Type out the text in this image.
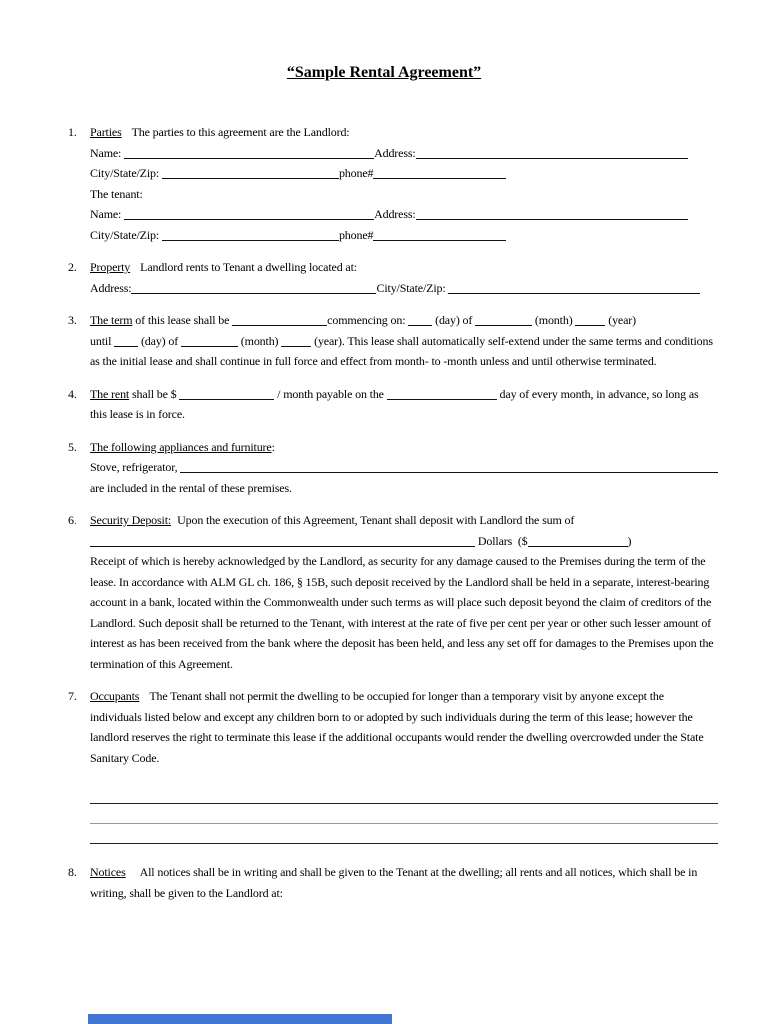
“Sample Rental Agreement”
1.	Parties The parties to this agreement are the Landlord:

Name:	Address:
City/State/Zip:	phone#

The tenant:

Name:	Address:
City/State/Zip:	phone#
2.	Property Landlord rents to Tenant a dwelling located at:

Address:	City/State/Zip:
3.	The term of this lease shall be	commencing on:  (day) of	(month)	(year)
until  (day) of	(month)	(year). This lease shall automatically self-extend under the same terms and conditions as the initial lease and shall continue in full force and effect from month- to -month unless and until otherwise terminated.

4.	The rent shall be $	/ month payable on the	day of every month, in advance, so long as this lease is in force.

5.	The following appliances and furniture:

Stove, refrigerator,

are included in the rental of these premises.

6.	Security Deposit: Upon the execution of this Agreement, Tenant shall deposit with Landlord the sum of

Dollars  ($	)

Receipt of which is hereby acknowledged by the Landlord, as security for any damage caused to the Premises during the term of the lease. In accordance with ALM GL ch. 186, § 15B, such deposit received by the Landlord shall be held in a separate, interest-bearing account in a bank, located within the Commonwealth under such terms as will place such deposit beyond the claim of creditors of the Landlord. Such deposit shall be returned to the Tenant, with interest at the rate of five per cent per year or other such lesser amount of interest as has been received from the bank where the deposit has been held, and less any set off for damages to the Premises upon the termination of this Agreement.

7.	Occupants The Tenant shall not permit the dwelling to be occupied for longer than a temporary visit by anyone except the individuals listed below and except any children born to or adopted by such individuals during the term of this lease; however the landlord reserves the right to terminate this lease if the additional occupants would render the dwelling overcrowded under the State Sanitary Code.

8.	Notices All notices shall be in writing and shall be given to the Tenant at the dwelling; all rents and all notices, which shall be in writing, shall be given to the Landlord at:
